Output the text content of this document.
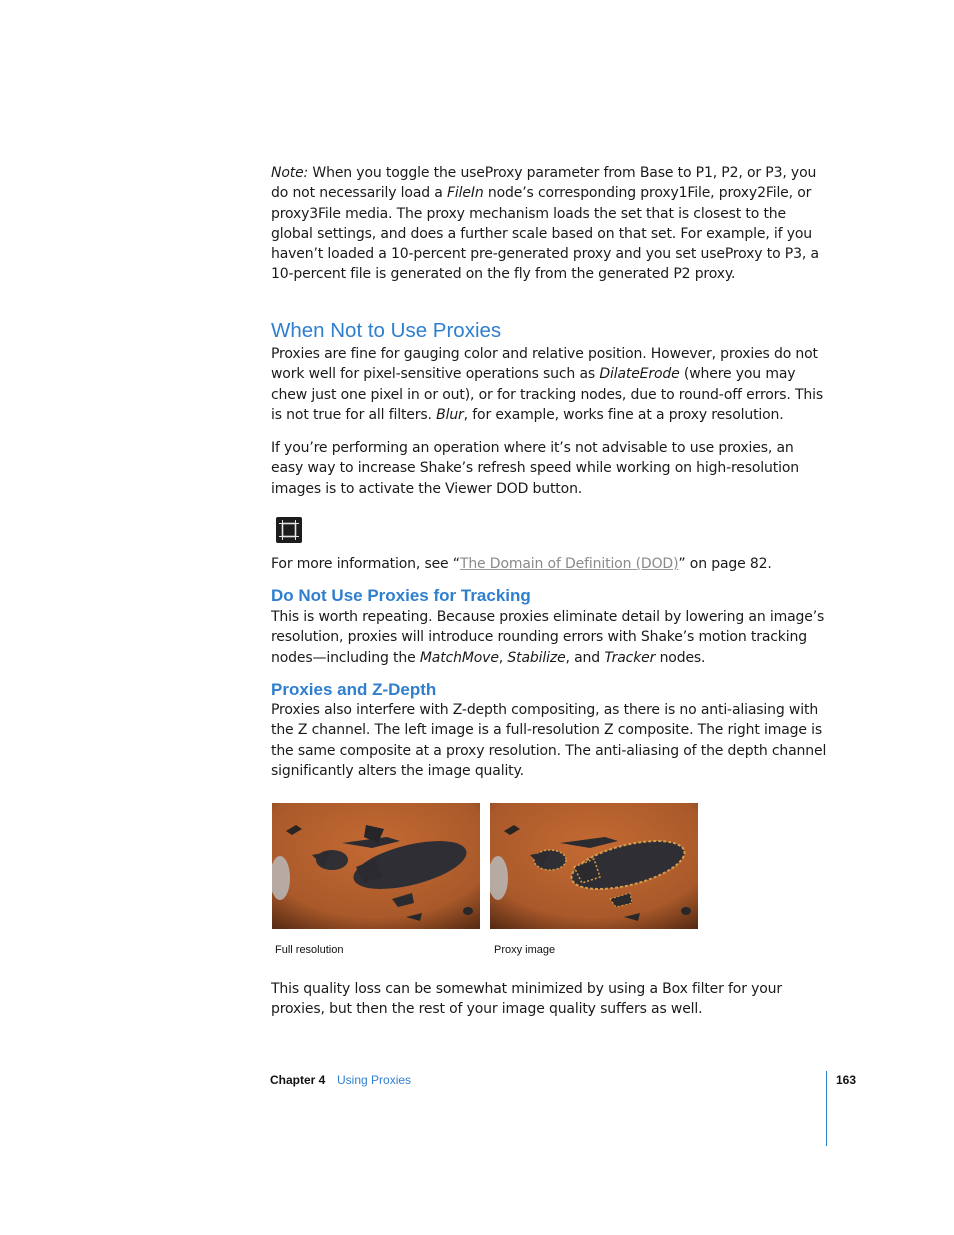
Note: When you toggle the useProxy parameter from Base to P1, P2, or P3, you do not necessarily load a FileIn node’s corresponding proxy1File, proxy2File, or proxy3File media. The proxy mechanism loads the set that is closest to the global settings, and does a further scale based on that set. For example, if you haven’t loaded a 10-percent pre-generated proxy and you set useProxy to P3, a 10-percent file is generated on the fly from the generated P2 proxy.

When Not to Use Proxies

Proxies are fine for gauging color and relative position. However, proxies do not work well for pixel-sensitive operations such as DilateErode (where you may chew just one pixel in or out), or for tracking nodes, due to round-off errors. This is not true for all filters. Blur, for example, works fine at a proxy resolution.

If you’re performing an operation where it’s not advisable to use proxies, an easy way to increase Shake’s refresh speed while working on high-resolution images is to activate the Viewer DOD button.

For more information, see “The Domain of Definition (DOD)” on page 82.

Do Not Use Proxies for Tracking

This is worth repeating. Because proxies eliminate detail by lowering an image’s resolution, proxies will introduce rounding errors with Shake’s motion tracking nodes—including the MatchMove, Stabilize, and Tracker nodes.

Proxies and Z-Depth

Proxies also interfere with Z-depth compositing, as there is no anti-aliasing with the Z channel. The left image is a full-resolution Z composite. The right image is the same composite at a proxy resolution. The anti-aliasing of the depth channel significantly alters the image quality.

Full resolution	Proxy image

This quality loss can be somewhat minimized by using a Box filter for your proxies, but then the rest of your image quality suffers as well.

Chapter 4 Using Proxies	163
